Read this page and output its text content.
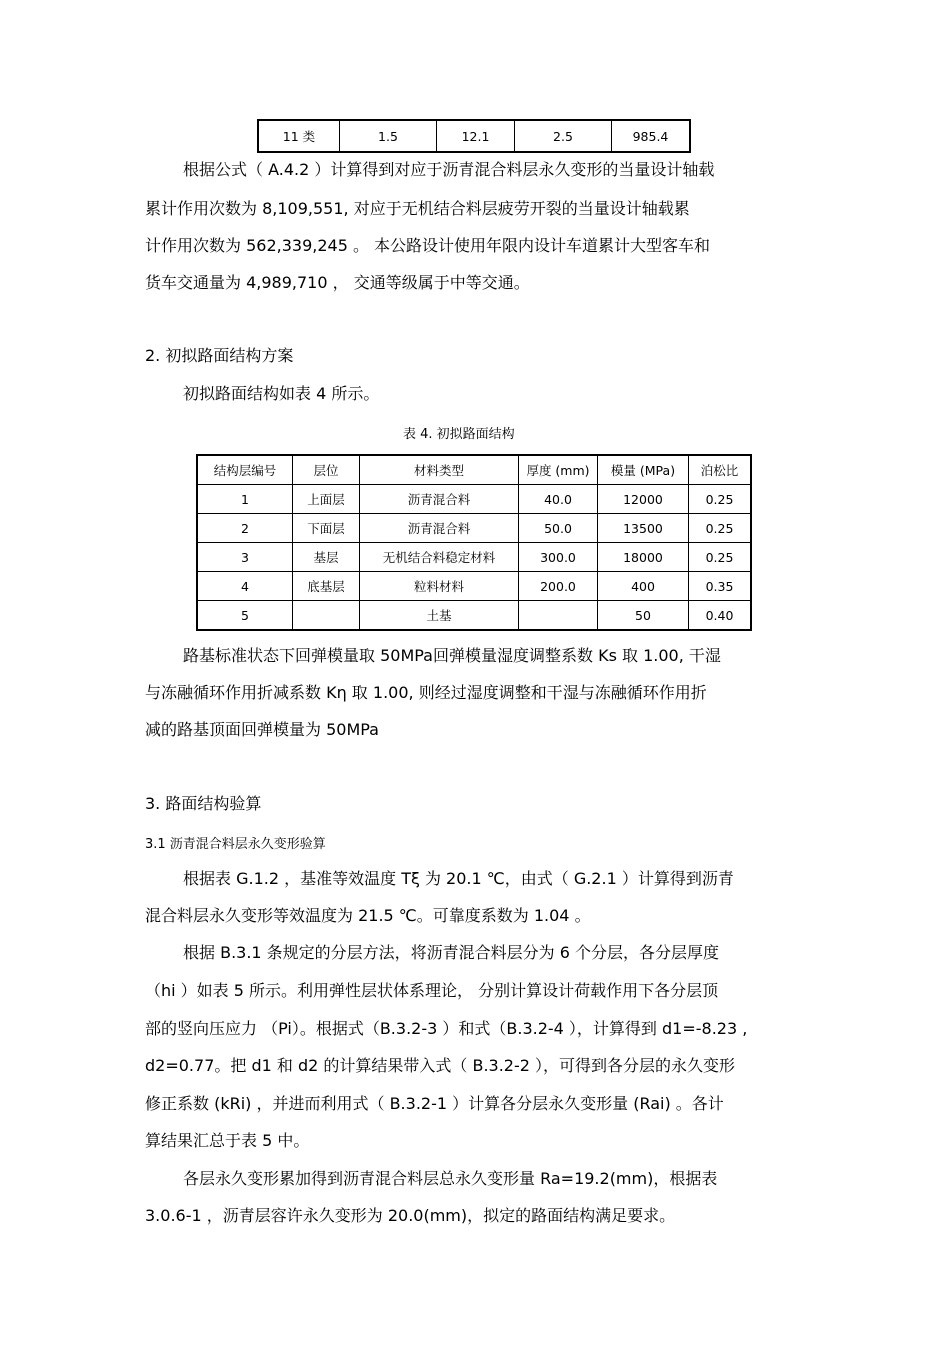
11 类	1.5	12.1	2.5	985.4
根据公式（ A.4.2 ）计算得到对应于沥青混合料层永久变形的当量设计轴载
累计作用次数为 8,109,551, 对应于无机结合料层疲劳开裂的当量设计轴载累
计作用次数为 562,339,245 。 本公路设计使用年限内设计车道累计大型客车和
货车交通量为 4,989,710 ， 交通等级属于中等交通。
2. 初拟路面结构方案
初拟路面结构如表 4 所示。
表 4. 初拟路面结构
结构层编号	层位	材料类型	厚度 (mm)	模量 (MPa)	泊松比
1	上面层	沥青混合料	40.0	12000	0.25
2	下面层	沥青混合料	50.0	13500	0.25
3	基层	无机结合料稳定材料	300.0	18000	0.25
4	底基层	粒料材料	200.0	400	0.35
5		土基		50	0.40
路基标准状态下回弹模量取 50MPa回弹模量湿度调整系数 Ks 取 1.00, 干湿
与冻融循环作用折减系数 Kη 取 1.00, 则经过湿度调整和干湿与冻融循环作用折
减的路基顶面回弹模量为 50MPa
3. 路面结构验算
3.1 沥青混合料层永久变形验算
根据表 G.1.2 ，基准等效温度 Tξ 为 20.1 ℃，由式（ G.2.1 ）计算得到沥青
混合料层永久变形等效温度为 21.5 ℃。可靠度系数为 1.04 。
根据 B.3.1 条规定的分层方法，将沥青混合料层分为 6 个分层，各分层厚度
（hi ）如表 5 所示。利用弹性层状体系理论， 分别计算设计荷载作用下各分层顶
部的竖向压应力 （Pi）。根据式（B.3.2-3 ）和式（B.3.2-4 ），计算得到 d1=-8.23 ,
d2=0.77。把 d1 和 d2 的计算结果带入式（ B.3.2-2 ），可得到各分层的永久变形
修正系数 (kRi) ，并进而利用式（ B.3.2-1 ）计算各分层永久变形量 (Rai) 。各计
算结果汇总于表 5 中。
各层永久变形累加得到沥青混合料层总永久变形量 Ra=19.2(mm)，根据表
3.0.6-1 ，沥青层容许永久变形为 20.0(mm)，拟定的路面结构满足要求。
